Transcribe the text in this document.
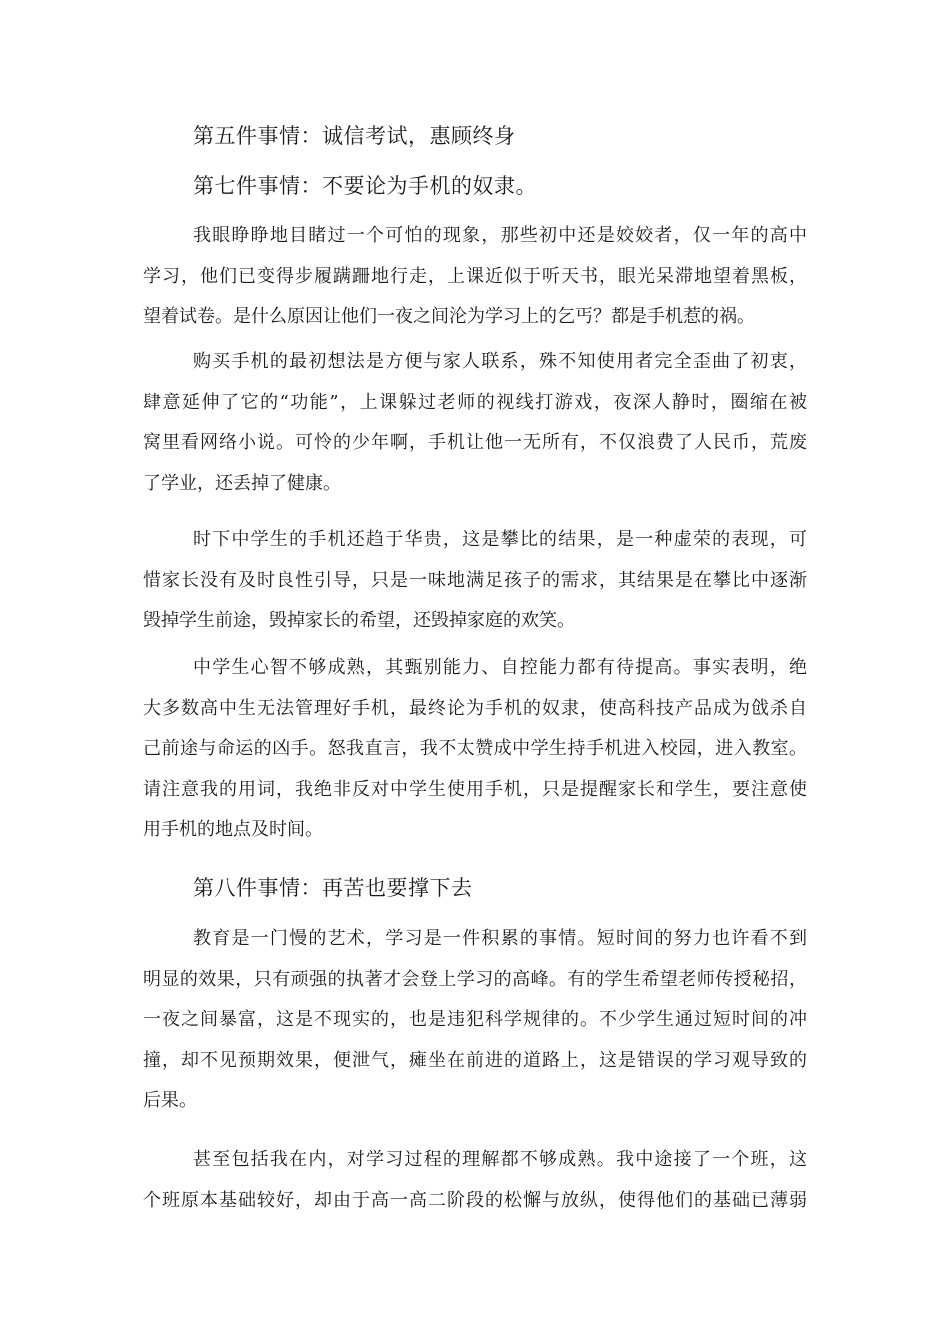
第五件事情：诚信考试，惠顾终身
第七件事情：不要论为手机的奴隶。
我眼睁睁地目睹过一个可怕的现象，那些初中还是姣姣者，仅一年的高中
学习，他们已变得步履蹒跚地行走，上课近似于听天书，眼光呆滞地望着黑板，
望着试卷。是什么原因让他们一夜之间沦为学习上的乞丐？都是手机惹的祸。
购买手机的最初想法是方便与家人联系，殊不知使用者完全歪曲了初衷，
肆意延伸了它的“功能”，上课躲过老师的视线打游戏，夜深人静时，圈缩在被
窝里看网络小说。可怜的少年啊，手机让他一无所有，不仅浪费了人民币，荒废
了学业，还丢掉了健康。
时下中学生的手机还趋于华贵，这是攀比的结果，是一种虚荣的表现，可
惜家长没有及时良性引导，只是一味地满足孩子的需求，其结果是在攀比中逐渐
毁掉学生前途，毁掉家长的希望，还毁掉家庭的欢笑。
中学生心智不够成熟，其甄别能力、自控能力都有待提高。事实表明，绝
大多数高中生无法管理好手机，最终论为手机的奴隶，使高科技产品成为戗杀自
己前途与命运的凶手。怒我直言，我不太赞成中学生持手机进入校园，进入教室。
请注意我的用词，我绝非反对中学生使用手机，只是提醒家长和学生，要注意使
用手机的地点及时间。
第八件事情：再苦也要撑下去
教育是一门慢的艺术，学习是一件积累的事情。短时间的努力也许看不到
明显的效果，只有顽强的执著才会登上学习的高峰。有的学生希望老师传授秘招，
一夜之间暴富，这是不现实的，也是违犯科学规律的。不少学生通过短时间的冲
撞，却不见预期效果，便泄气，瘫坐在前进的道路上，这是错误的学习观导致的
后果。
甚至包括我在内，对学习过程的理解都不够成熟。我中途接了一个班，这
个班原本基础较好，却由于高一高二阶段的松懈与放纵，使得他们的基础已薄弱
